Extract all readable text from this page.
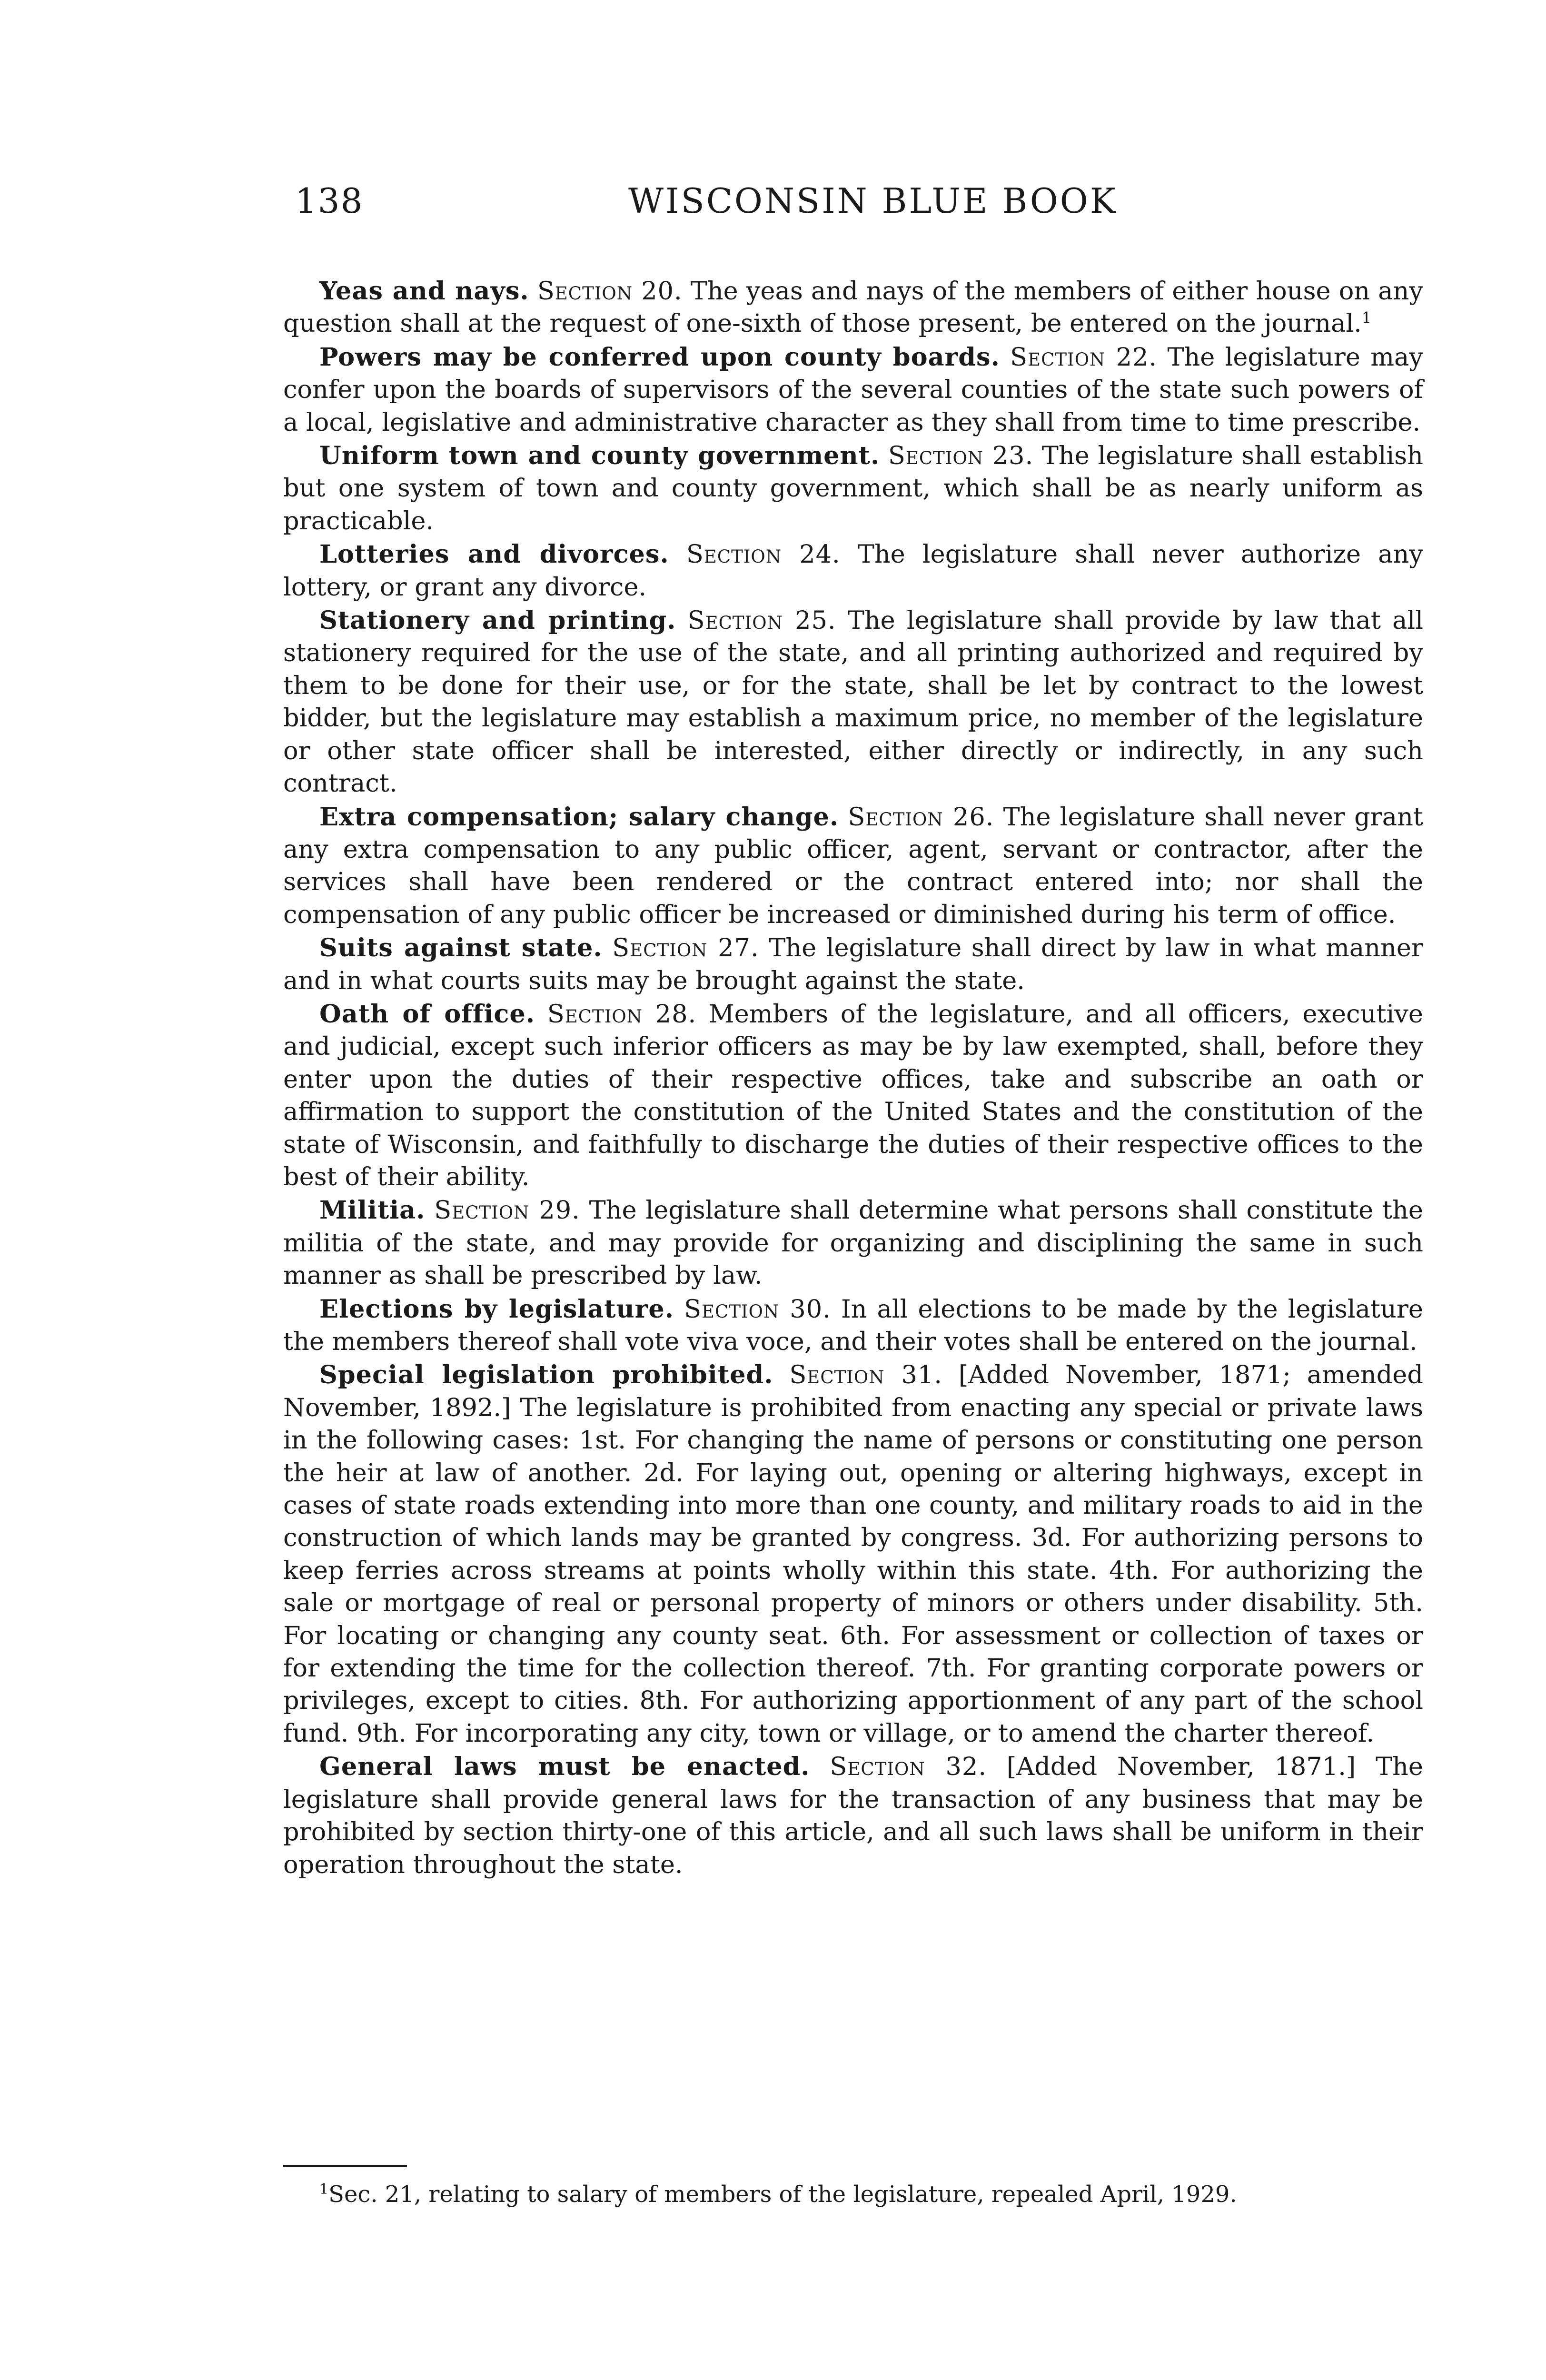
138	WISCONSIN BLUE BOOK

Yeas and nays. Section 20. The yeas and nays of the members of either house on any question shall at the request of one-sixth of those present, be entered on the journal.$^1$

Powers may be conferred upon county boards. Section 22. The legislature may confer upon the boards of supervisors of the several counties of the state such powers of a local, legislative and administrative character as they shall from time to time prescribe.

Uniform town and county government. Section 23. The legislature shall establish but one system of town and county government, which shall be as nearly uniform as practicable.

Lotteries and divorces. Section 24. The legislature shall never authorize any lottery, or grant any divorce.

Stationery and printing. Section 25. The legislature shall provide by law that all stationery required for the use of the state, and all printing authorized and required by them to be done for their use, or for the state, shall be let by contract to the lowest bidder, but the legislature may establish a maximum price, no member of the legislature or other state officer shall be interested, either directly or indirectly, in any such contract.

Extra compensation; salary change. Section 26. The legislature shall never grant any extra compensation to any public officer, agent, servant or contractor, after the services shall have been rendered or the contract entered into; nor shall the compensation of any public officer be increased or diminished during his term of office.

Suits against state. Section 27. The legislature shall direct by law in what manner and in what courts suits may be brought against the state.

Oath of office. Section 28. Members of the legislature, and all officers, executive and judicial, except such inferior officers as may be by law exempted, shall, before they enter upon the duties of their respective offices, take and subscribe an oath or affirmation to support the constitution of the United States and the constitution of the state of Wisconsin, and faithfully to discharge the duties of their respective offices to the best of their ability.

Militia. Section 29. The legislature shall determine what persons shall constitute the militia of the state, and may provide for organizing and disciplining the same in such manner as shall be prescribed by law.

Elections by legislature. Section 30. In all elections to be made by the legislature the members thereof shall vote viva voce, and their votes shall be entered on the journal.

Special legislation prohibited. Section 31. [Added November, 1871; amended November, 1892.] The legislature is prohibited from enacting any special or private laws in the following cases: 1st. For changing the name of persons or constituting one person the heir at law of another. 2d. For laying out, opening or altering highways, except in cases of state roads extending into more than one county, and military roads to aid in the construction of which lands may be granted by congress. 3d. For authorizing persons to keep ferries across streams at points wholly within this state. 4th. For authorizing the sale or mortgage of real or personal property of minors or others under disability. 5th. For locating or changing any county seat. 6th. For assessment or collection of taxes or for extending the time for the collection thereof. 7th. For granting corporate powers or privileges, except to cities. 8th. For authorizing apportionment of any part of the school fund. 9th. For incorporating any city, town or village, or to amend the charter thereof.

General laws must be enacted. Section 32. [Added November, 1871.] The legislature shall provide general laws for the transaction of any business that may be prohibited by section thirty-one of this article, and all such laws shall be uniform in their operation throughout the state.

$^1$Sec. 21, relating to salary of members of the legislature, repealed April, 1929.
